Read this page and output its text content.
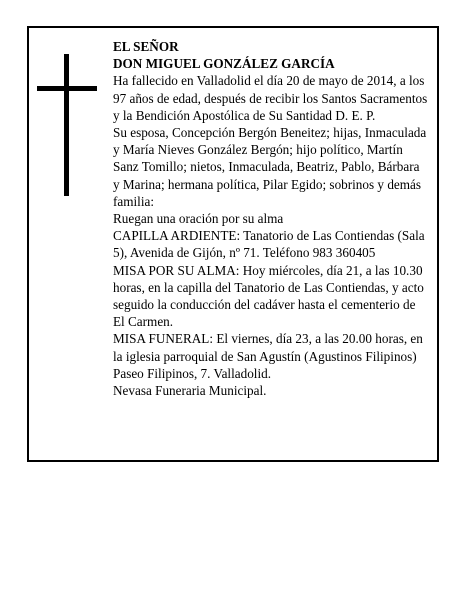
EL SEÑOR

DON MIGUEL GONZÁLEZ GARCÍA

Ha fallecido en Valladolid el día 20 de mayo de 2014, a los 97 años de edad, después de recibir los Santos Sacramentos y la Bendición Apostólica de Su Santidad D. E. P.

Su esposa, Concepción Bergón Beneitez; hijas, Inmaculada y María Nieves González Bergón; hijo político, Martín Sanz Tomillo; nietos, Inmaculada, Beatriz, Pablo, Bárbara y Marina; hermana política, Pilar Egido; sobrinos y demás familia:

Ruegan una oración por su alma

CAPILLA ARDIENTE: Tanatorio de Las Contiendas (Sala 5), Avenida de Gijón, nº 71. Teléfono 983 360405

MISA POR SU ALMA: Hoy miércoles, día 21, a las 10.30 horas, en la capilla del Tanatorio de Las Contiendas, y acto seguido la conducción del cadáver hasta el cementerio de El Carmen.

MISA FUNERAL: El viernes, día 23, a las 20.00 horas, en la iglesia parroquial de San Agustín (Agustinos Filipinos) Paseo Filipinos, 7. Valladolid.

Nevasa Funeraria Municipal.
